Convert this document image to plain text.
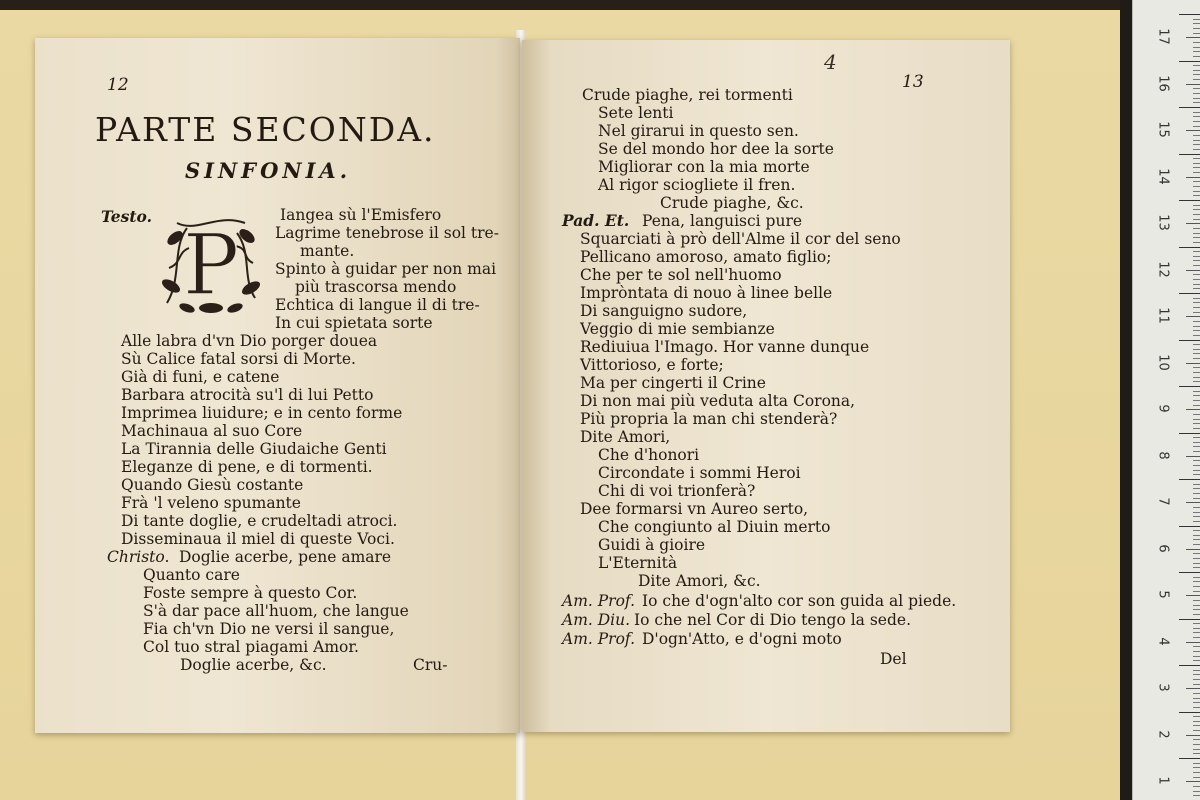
17
16
15
14
13
12
11
10
9
8
7
6
5
4
3
2
1
12
PARTE SECONDA.
SINFONIA.
Testo. P
Iangea sù l'Emisfero
Lagrime tenebrose il sol tre-
mante.
Spinto à guidar per non mai
più trascorsa mendo
Echtica di langue il di tre-
In cui spietata sorte
Alle labra d'vn Dio porger douea
Sù Calice fatal sorsi di Morte.
Già di funi, e catene
Barbara atrocità su'l di lui Petto
Imprimea liuidure; e in cento forme
Machinaua al suo Core
La Tirannia delle Giudaiche Genti
Eleganze di pene, e di tormenti.
Quando Giesù costante
Frà 'l veleno spumante
Di tante doglie, e crudeltadi atroci.
Disseminaua il miel di queste Voci.
Christo. Doglie acerbe, pene amare
Quanto care
Foste sempre à questo Cor.
S'à dar pace all'huom, che langue
Fia ch'vn Dio ne versi il sangue,
Col tuo stral piagami Amor.
Doglie acerbe, &c.	Cru-
4
13
Crude piaghe, rei tormenti
Sete lenti
Nel girarui in questo sen.
Se del mondo hor dee la sorte
Migliorar con la mia morte
Al rigor sciogliete il fren.
Crude piaghe, &c.
Pad. Et. Pena, languisci pure
Squarciati à prò dell'Alme il cor del seno
Pellicano amoroso, amato figlio;
Che per te sol nell'huomo
Impròntata di nouo à linee belle
Di sanguigno sudore,
Veggio di mie sembianze
Rediuiua l'Imago. Hor vanne dunque
Vittorioso, e forte;
Ma per cingerti il Crine
Di non mai più veduta alta Corona,
Più propria la man chi stenderà?
Dite Amori,
Che d'honori
Circondate i sommi Heroi
Chi di voi trionferà?
Dee formarsi vn Aureo serto,
Che congiunto al Diuin merto
Guidi à gioire
L'Eternità
Dite Amori, &c.
Am. Prof. Io che d'ogn'alto cor son guida al piede.
Am. Diu. Io che nel Cor di Dio tengo la sede.
Am. Prof. D'ogn'Atto, e d'ogni moto
Del
